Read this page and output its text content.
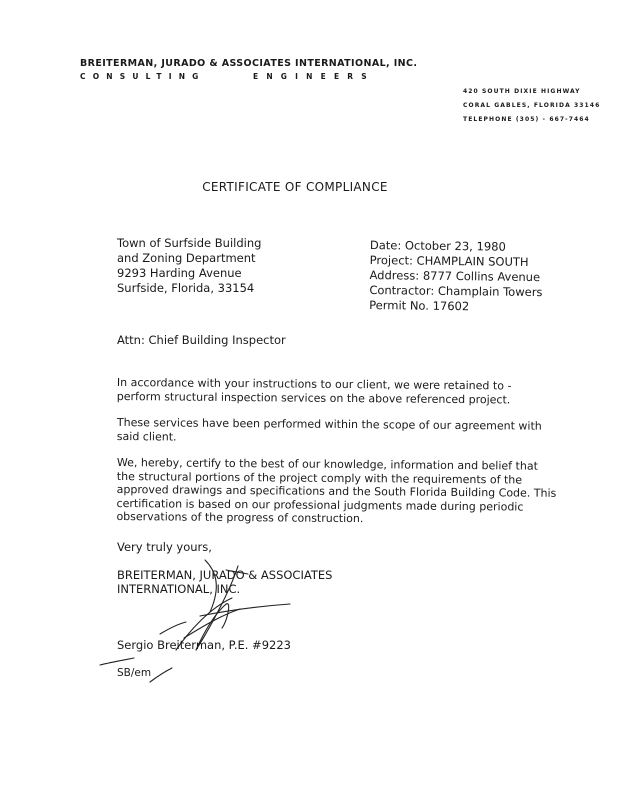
BREITERMAN, JURADO & ASSOCIATES INTERNATIONAL, INC.
CONSULTING	ENGINEERS
420 SOUTH DIXIE HIGHWAY
CORAL GABLES, FLORIDA 33146
TELEPHONE (305) - 667-7464
CERTIFICATE OF COMPLIANCE
Town of Surfside Building
and Zoning Department
9293 Harding Avenue
Surfside, Florida, 33154
Date: October 23, 1980
Project: CHAMPLAIN SOUTH
Address: 8777 Collins Avenue
Contractor: Champlain Towers
Permit No. 17602
Attn: Chief Building Inspector
In accordance with your instructions to our client, we were retained to - perform structural inspection services on the above referenced project.
These services have been performed within the scope of our agreement with said client.
We, hereby, certify to the best of our knowledge, information and belief that the structural portions of the project comply with the requirements of the approved drawings and specifications and the South Florida Building Code. This certification is based on our professional judgments made during periodic observations of the progress of construction.
Very truly yours,
BREITERMAN, JURADO & ASSOCIATES
INTERNATIONAL, INC.
Sergio Breiterman, P.E. #9223
SB/em
